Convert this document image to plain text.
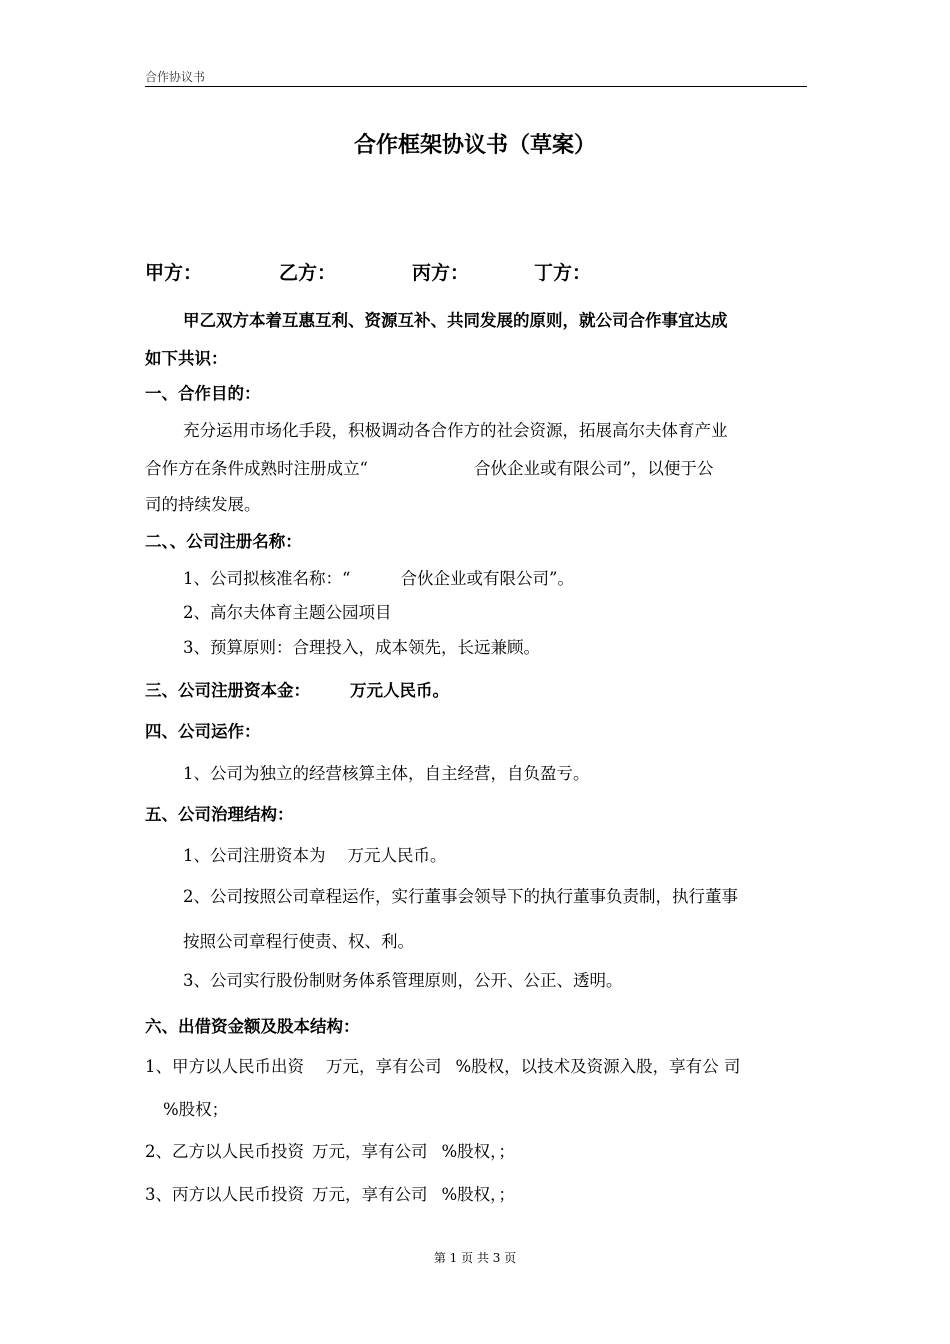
合作协议书
合作框架协议书（草案）
甲方：	乙方：	丙方：	丁方：
甲乙双方本着互惠互利、资源互补、共同发展的原则，就公司合作事宜达成
如下共识：
一、合作目的：
充分运用市场化手段，积极调动各合作方的社会资源，拓展高尔夫体育产业
合作方在条件成熟时注册成立“	合伙企业或有限公司”，以便于公
司的持续发展。
二、、公司注册名称：
1、公司拟核准名称：“	合伙企业或有限公司”。
2、高尔夫体育主题公园项目
3、预算原则：合理投入，成本领先，长远兼顾。
三、公司注册资本金： 万元人民币。
四、公司运作：
1、公司为独立的经营核算主体，自主经营，自负盈亏。
五、公司治理结构：
1、公司注册资本为 万元人民币。
2、公司按照公司章程运作，实行董事会领导下的执行董事负责制，执行董事
按照公司章程行使责、权、利。
3、公司实行股份制财务体系管理原则，公开、公正、透明。
六、出借资金额及股本结构：
1、甲方以人民币出资 万元，享有公司 %股权，以技术及资源入股，享有公 司
%股权；
2、乙方以人民币投资 万元，享有公司 %股权，；
3、丙方以人民币投资 万元，享有公司 %股权，；
第 1 页 共 3 页
